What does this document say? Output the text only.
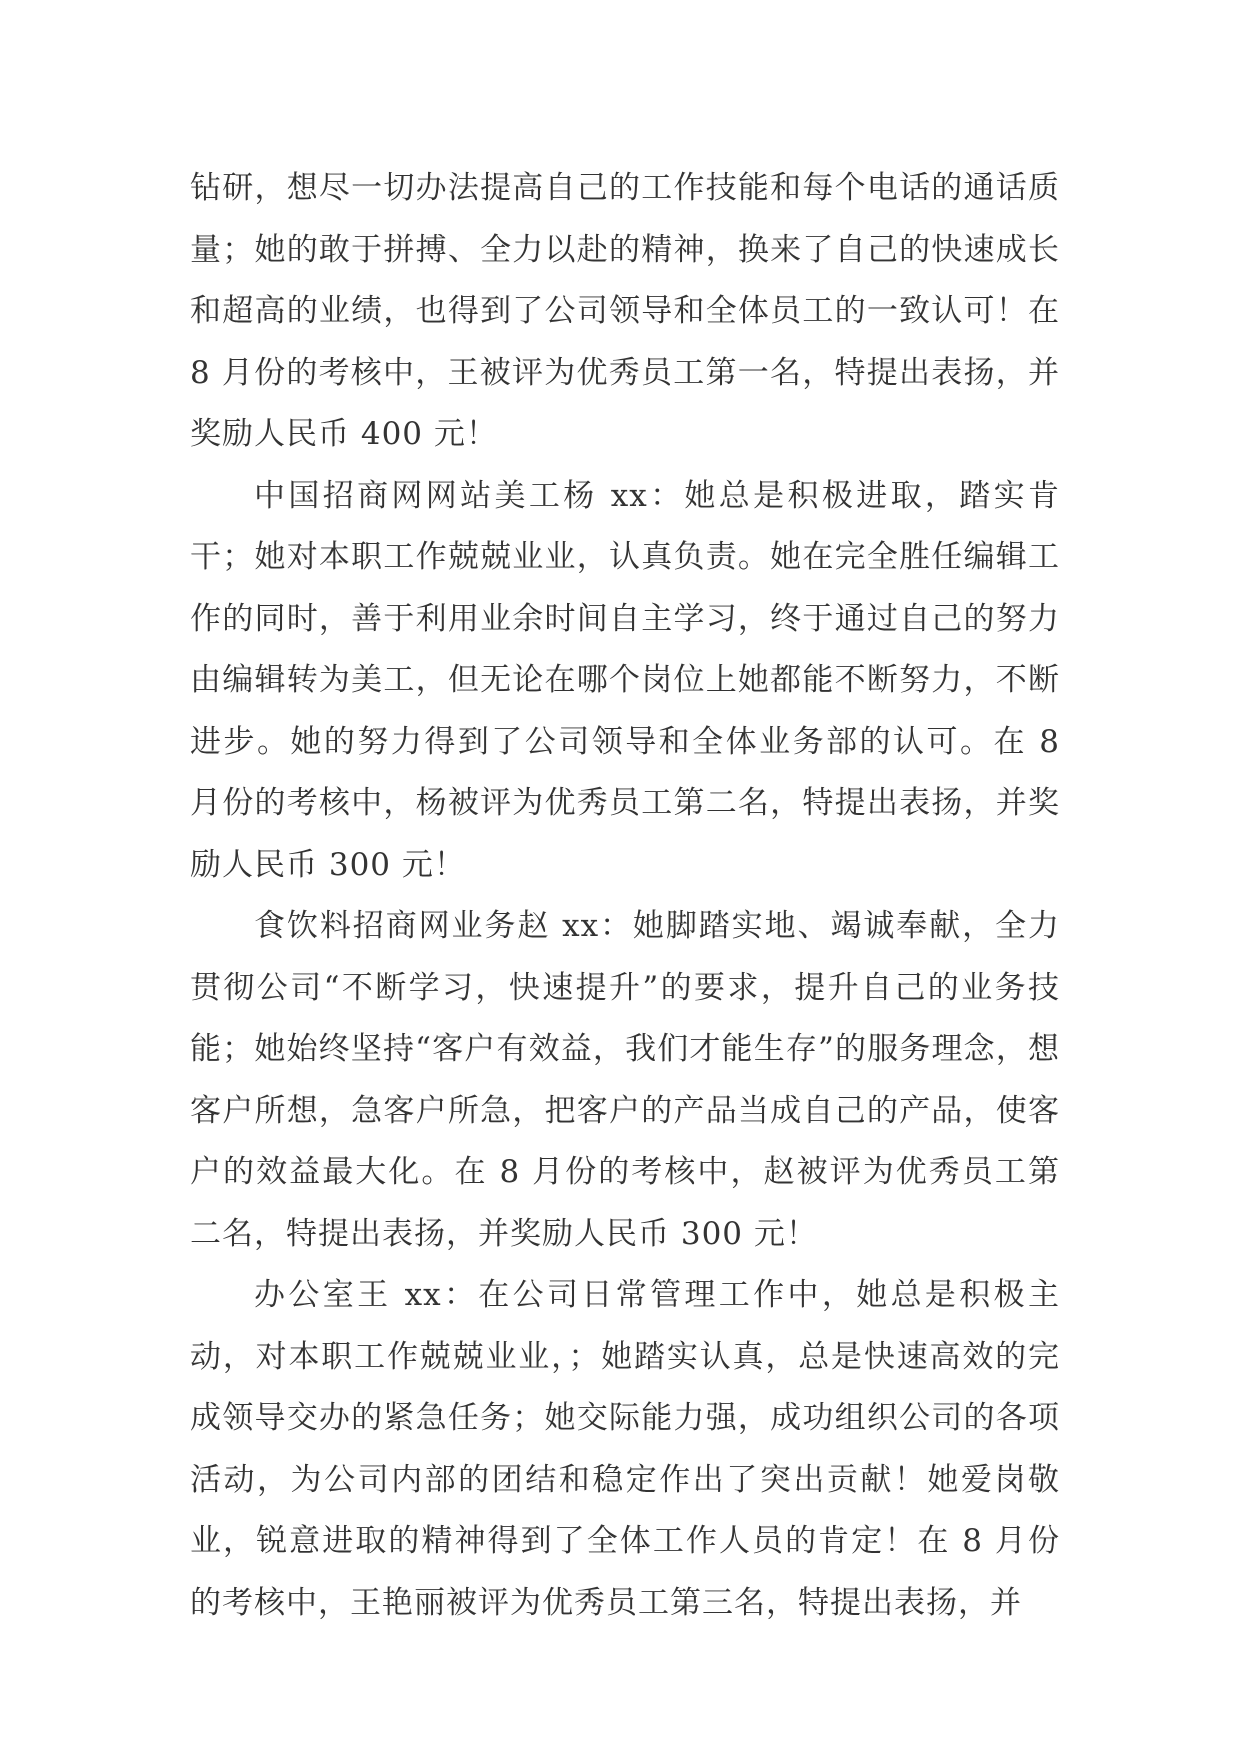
钻研，想尽一切办法提高自己的工作技能和每个电话的通话质量；她的敢于拼搏、全力以赴的精神，换来了自己的快速成长和超高的业绩，也得到了公司领导和全体员工的一致认可！在 8 月份的考核中，王被评为优秀员工第一名，特提出表扬，并奖励人民币 400 元！

中国招商网网站美工杨 xx：她总是积极进取，踏实肯干；她对本职工作兢兢业业，认真负责。她在完全胜任编辑工作的同时，善于利用业余时间自主学习，终于通过自己的努力由编辑转为美工，但无论在哪个岗位上她都能不断努力，不断进步。她的努力得到了公司领导和全体业务部的认可。在 8 月份的考核中，杨被评为优秀员工第二名，特提出表扬，并奖励人民币 300 元！

食饮料招商网业务赵 xx：她脚踏实地、竭诚奉献，全力贯彻公司“不断学习，快速提升”的要求，提升自己的业务技能；她始终坚持“客户有效益，我们才能生存”的服务理念，想客户所想，急客户所急，把客户的产品当成自己的产品，使客户的效益最大化。在 8 月份的考核中，赵被评为优秀员工第二名，特提出表扬，并奖励人民币 300 元！

办公室王 xx：在公司日常管理工作中，她总是积极主动，对本职工作兢兢业业，；她踏实认真，总是快速高效的完成领导交办的紧急任务；她交际能力强，成功组织公司的各项活动，为公司内部的团结和稳定作出了突出贡献！她爱岗敬业，锐意进取的精神得到了全体工作人员的肯定！在 8 月份的考核中，王艳丽被评为优秀员工第三名，特提出表扬，并
